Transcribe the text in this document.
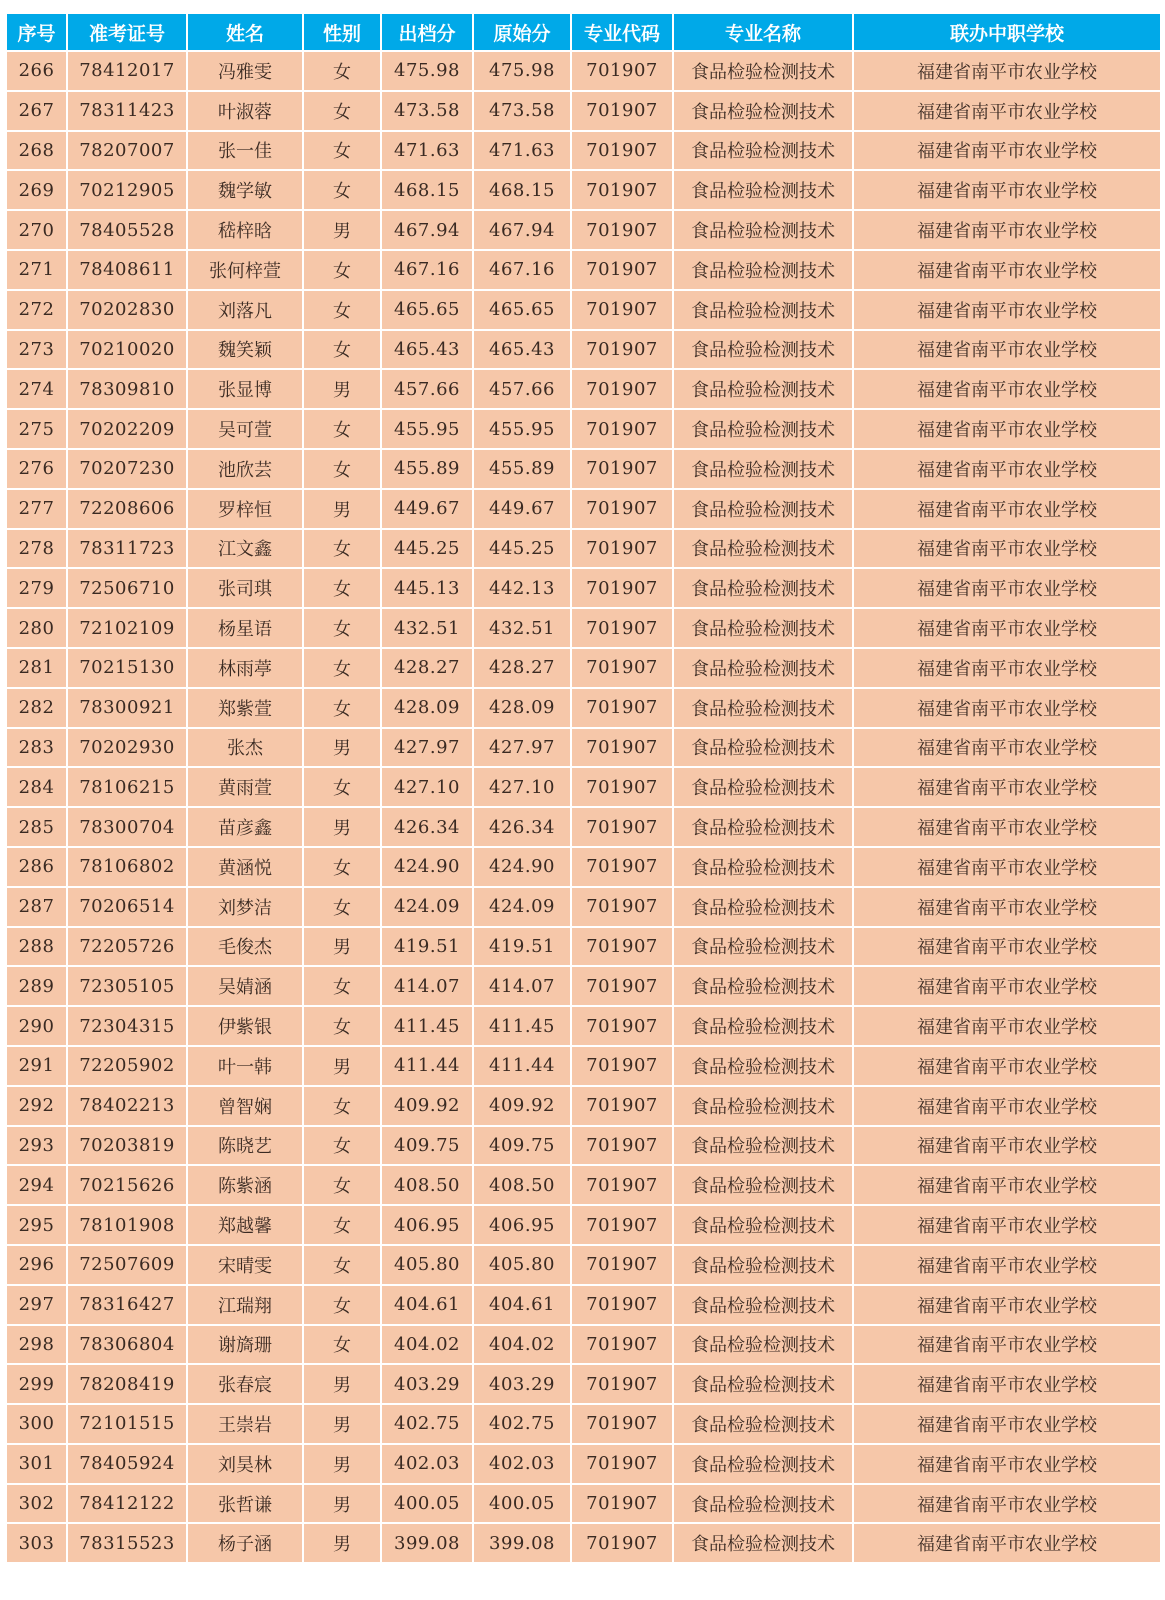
序号	准考证号	姓名	性别	出档分	原始分	专业代码	专业名称	联办中职学校
266	78412017	冯雅雯	女	475.98	475.98	701907	食品检验检测技术	福建省南平市农业学校
267	78311423	叶淑蓉	女	473.58	473.58	701907	食品检验检测技术	福建省南平市农业学校
268	78207007	张一佳	女	471.63	471.63	701907	食品检验检测技术	福建省南平市农业学校
269	70212905	魏学敏	女	468.15	468.15	701907	食品检验检测技术	福建省南平市农业学校
270	78405528	嵇梓晗	男	467.94	467.94	701907	食品检验检测技术	福建省南平市农业学校
271	78408611	张何梓萱	女	467.16	467.16	701907	食品检验检测技术	福建省南平市农业学校
272	70202830	刘落凡	女	465.65	465.65	701907	食品检验检测技术	福建省南平市农业学校
273	70210020	魏笑颖	女	465.43	465.43	701907	食品检验检测技术	福建省南平市农业学校
274	78309810	张显博	男	457.66	457.66	701907	食品检验检测技术	福建省南平市农业学校
275	70202209	吴可萱	女	455.95	455.95	701907	食品检验检测技术	福建省南平市农业学校
276	70207230	池欣芸	女	455.89	455.89	701907	食品检验检测技术	福建省南平市农业学校
277	72208606	罗梓恒	男	449.67	449.67	701907	食品检验检测技术	福建省南平市农业学校
278	78311723	江文鑫	女	445.25	445.25	701907	食品检验检测技术	福建省南平市农业学校
279	72506710	张司琪	女	445.13	442.13	701907	食品检验检测技术	福建省南平市农业学校
280	72102109	杨星语	女	432.51	432.51	701907	食品检验检测技术	福建省南平市农业学校
281	70215130	林雨葶	女	428.27	428.27	701907	食品检验检测技术	福建省南平市农业学校
282	78300921	郑紫萱	女	428.09	428.09	701907	食品检验检测技术	福建省南平市农业学校
283	70202930	张杰	男	427.97	427.97	701907	食品检验检测技术	福建省南平市农业学校
284	78106215	黄雨萱	女	427.10	427.10	701907	食品检验检测技术	福建省南平市农业学校
285	78300704	苗彦鑫	男	426.34	426.34	701907	食品检验检测技术	福建省南平市农业学校
286	78106802	黄涵悦	女	424.90	424.90	701907	食品检验检测技术	福建省南平市农业学校
287	70206514	刘梦洁	女	424.09	424.09	701907	食品检验检测技术	福建省南平市农业学校
288	72205726	毛俊杰	男	419.51	419.51	701907	食品检验检测技术	福建省南平市农业学校
289	72305105	吴婧涵	女	414.07	414.07	701907	食品检验检测技术	福建省南平市农业学校
290	72304315	伊紫银	女	411.45	411.45	701907	食品检验检测技术	福建省南平市农业学校
291	72205902	叶一韩	男	411.44	411.44	701907	食品检验检测技术	福建省南平市农业学校
292	78402213	曾智娴	女	409.92	409.92	701907	食品检验检测技术	福建省南平市农业学校
293	70203819	陈晓艺	女	409.75	409.75	701907	食品检验检测技术	福建省南平市农业学校
294	70215626	陈紫涵	女	408.50	408.50	701907	食品检验检测技术	福建省南平市农业学校
295	78101908	郑越馨	女	406.95	406.95	701907	食品检验检测技术	福建省南平市农业学校
296	72507609	宋晴雯	女	405.80	405.80	701907	食品检验检测技术	福建省南平市农业学校
297	78316427	江瑞翔	女	404.61	404.61	701907	食品检验检测技术	福建省南平市农业学校
298	78306804	谢旖珊	女	404.02	404.02	701907	食品检验检测技术	福建省南平市农业学校
299	78208419	张春宸	男	403.29	403.29	701907	食品检验检测技术	福建省南平市农业学校
300	72101515	王崇岩	男	402.75	402.75	701907	食品检验检测技术	福建省南平市农业学校
301	78405924	刘昊林	男	402.03	402.03	701907	食品检验检测技术	福建省南平市农业学校
302	78412122	张哲谦	男	400.05	400.05	701907	食品检验检测技术	福建省南平市农业学校
303	78315523	杨子涵	男	399.08	399.08	701907	食品检验检测技术	福建省南平市农业学校
